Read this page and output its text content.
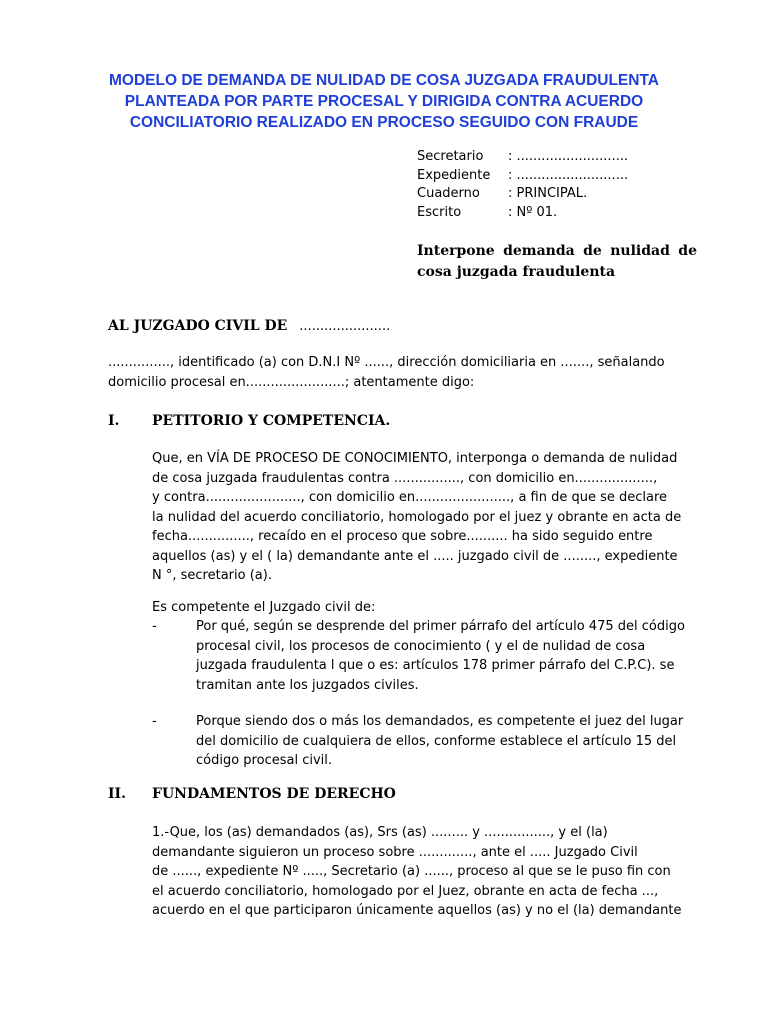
MODELO DE DEMANDA DE NULIDAD DE COSA JUZGADA FRAUDULENTA
PLANTEADA POR PARTE PROCESAL Y DIRIGIDA CONTRA ACUERDO
CONCILIATORIO REALIZADO EN PROCESO SEGUIDO CON FRAUDE
Secretario	: ...........................
Expediente	: ...........................
Cuaderno	: PRINCIPAL.
Escrito	: Nº 01.
Interpone demanda de nulidad de
cosa juzgada fraudulenta
AL JUZGADO CIVIL DE ......................
..............., identificado (a) con D.N.I Nº ......, dirección domiciliaria en ......., señalando
domicilio procesal en........................; atentamente digo:
I. PETITORIO Y COMPETENCIA.
Que, en VÍA DE PROCESO DE CONOCIMIENTO, interponga o demanda de nulidad
de cosa juzgada fraudulentas contra ................, con domicilio en...................,
y contra......................., con domicilio en......................., a fin de que se declare
la nulidad del acuerdo conciliatorio, homologado por el juez y obrante en acta de
fecha..............., recaído en el proceso que sobre.......... ha sido seguido entre
aquellos (as) y el ( la) demandante ante el ..... juzgado civil de ........, expediente
N °, secretario (a).
Es competente el Juzgado civil de:
-	Por qué, según se desprende del primer párrafo del artículo 475 del código
procesal civil, los procesos de conocimiento ( y el de nulidad de cosa
juzgada fraudulenta l que o es: artículos 178 primer párrafo del C.P.C). se
tramitan ante los juzgados civiles.
-	Porque siendo dos o más los demandados, es competente el juez del lugar
del domicilio de cualquiera de ellos, conforme establece el artículo 15 del
código procesal civil.
II. FUNDAMENTOS DE DERECHO
1.-Que, los (as) demandados (as), Srs (as) ......... y ................, y el (la)
demandante siguieron un proceso sobre ............., ante el ..... Juzgado Civil
de ......, expediente Nº ....., Secretario (a) ......, proceso al que se le puso fin con
el acuerdo conciliatorio, homologado por el Juez, obrante en acta de fecha ...,
acuerdo en el que participaron únicamente aquellos (as) y no el (la) demandante
